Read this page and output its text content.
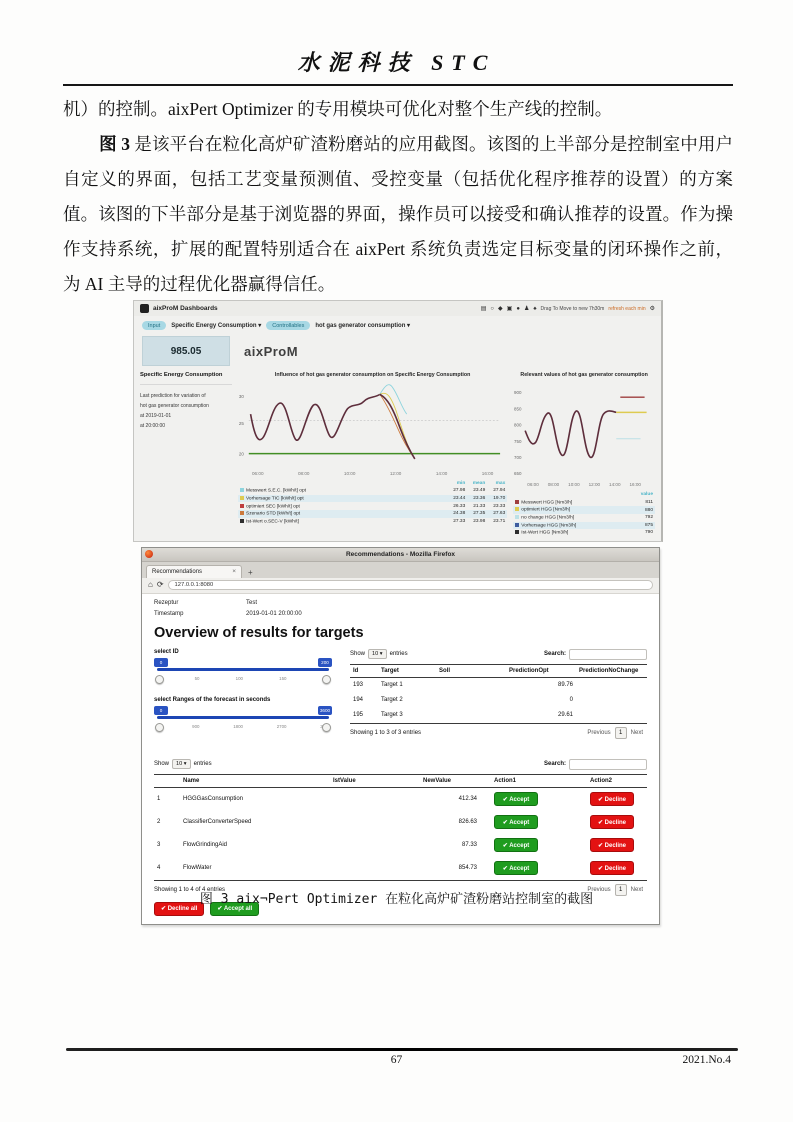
水泥科技 STC

机）的控制。aixPert Optimizer 的专用模块可优化对整个生产线的控制。

图 3 是该平台在粒化高炉矿渣粉磨站的应用截图。该图的上半部分是控制室中用户自定义的界面，包括工艺变量预测值、受控变量（包括优化程序推荐的设置）的方案值。该图的下半部分是基于浏览器的界面，操作员可以接受和确认推荐的设置。作为操作支持系统，扩展的配置特别适合在 aixPert 系统负责选定目标变量的闭环操作之前，为 AI 主导的过程优化器赢得信任。

aixProM Dashboards	▤ ○ ◆ ▣ ● ♟ ♠ Drag To Move to new 7h30m refresh each min ⚙
Input	Specific Energy Consumption ▾	Controllables	hot gas generator consumption ▾
985.05	aixProM
Specific Energy Consumption
Last prediction for variation of
hot gas generator consumption
at 2019-01-01
at 20:00:00
Influence of hot gas generator consumption on Specific Energy Consumption
30
25
20
06:00	08:00	10:00	12:00	14:00	16:00
	min	mean	max
Messwert S.E.C. [kWh/t] opt	27.98	23.49	27.94
Vorhersage TIC [kWh/t] opt	23.44	23.36	19.70
optimiert SEC [kWh/t] opt	26.33	21.33	23.33
Szenario STD [kWh/t] opt	24.38	27.35	27.63
Ist-Wert o.SEC-V [kWh/t]	27.33	23.98	23.71
Relevant values of hot gas generator consumption
900
850
800
750
700
650
06:00 08:00 10:00 12:00 14:00 16:00
	value
Messwert HGG [Nm3/h]	811
optimiert HGG [Nm3/h]	880
no change HGG [Nm3/h]	792
Vorhersage HGG [Nm3/h]	875
Ist-Wert HGG [Nm3/h]	790
Recommendations - Mozilla Firefox
Recommendations	×	+
⌂ ⟳ 127.0.0.1:8080
Rezeptur	Test
Timestamp	2019-01-01 20:00:00
Overview of results for targets
select ID
0	200
50	100	150
select Ranges of the forecast in seconds
0	3600
900	1800	2700
Show	10 ▾	entries	Search:
Id	Target	Soll	PredictionOpt	PredictionNoChange
193	Target 1		89.76	
194	Target 2		0	
195	Target 3		29.61	
Showing 1 to 3 of 3 entries	Previous	1	Next
Show	10 ▾	entries	Search:
	Name	IstValue	NewValue	Action1	Action2
1	HGGGasConsumption		412.34	✔ Accept	✔ Decline
2	ClassifierConverterSpeed		826.63	✔ Accept	✔ Decline
3	FlowGrindingAid		87.33	✔ Accept	✔ Decline
4	FlowWater		854.73	✔ Accept	✔ Decline
Showing 1 to 4 of 4 entries	Previous	1	Next
✔ Decline all	✔ Accept all
图 3 aix¬Pert Optimizer 在粒化高炉矿渣粉磨站控制室的截图
67	2021.No.4
